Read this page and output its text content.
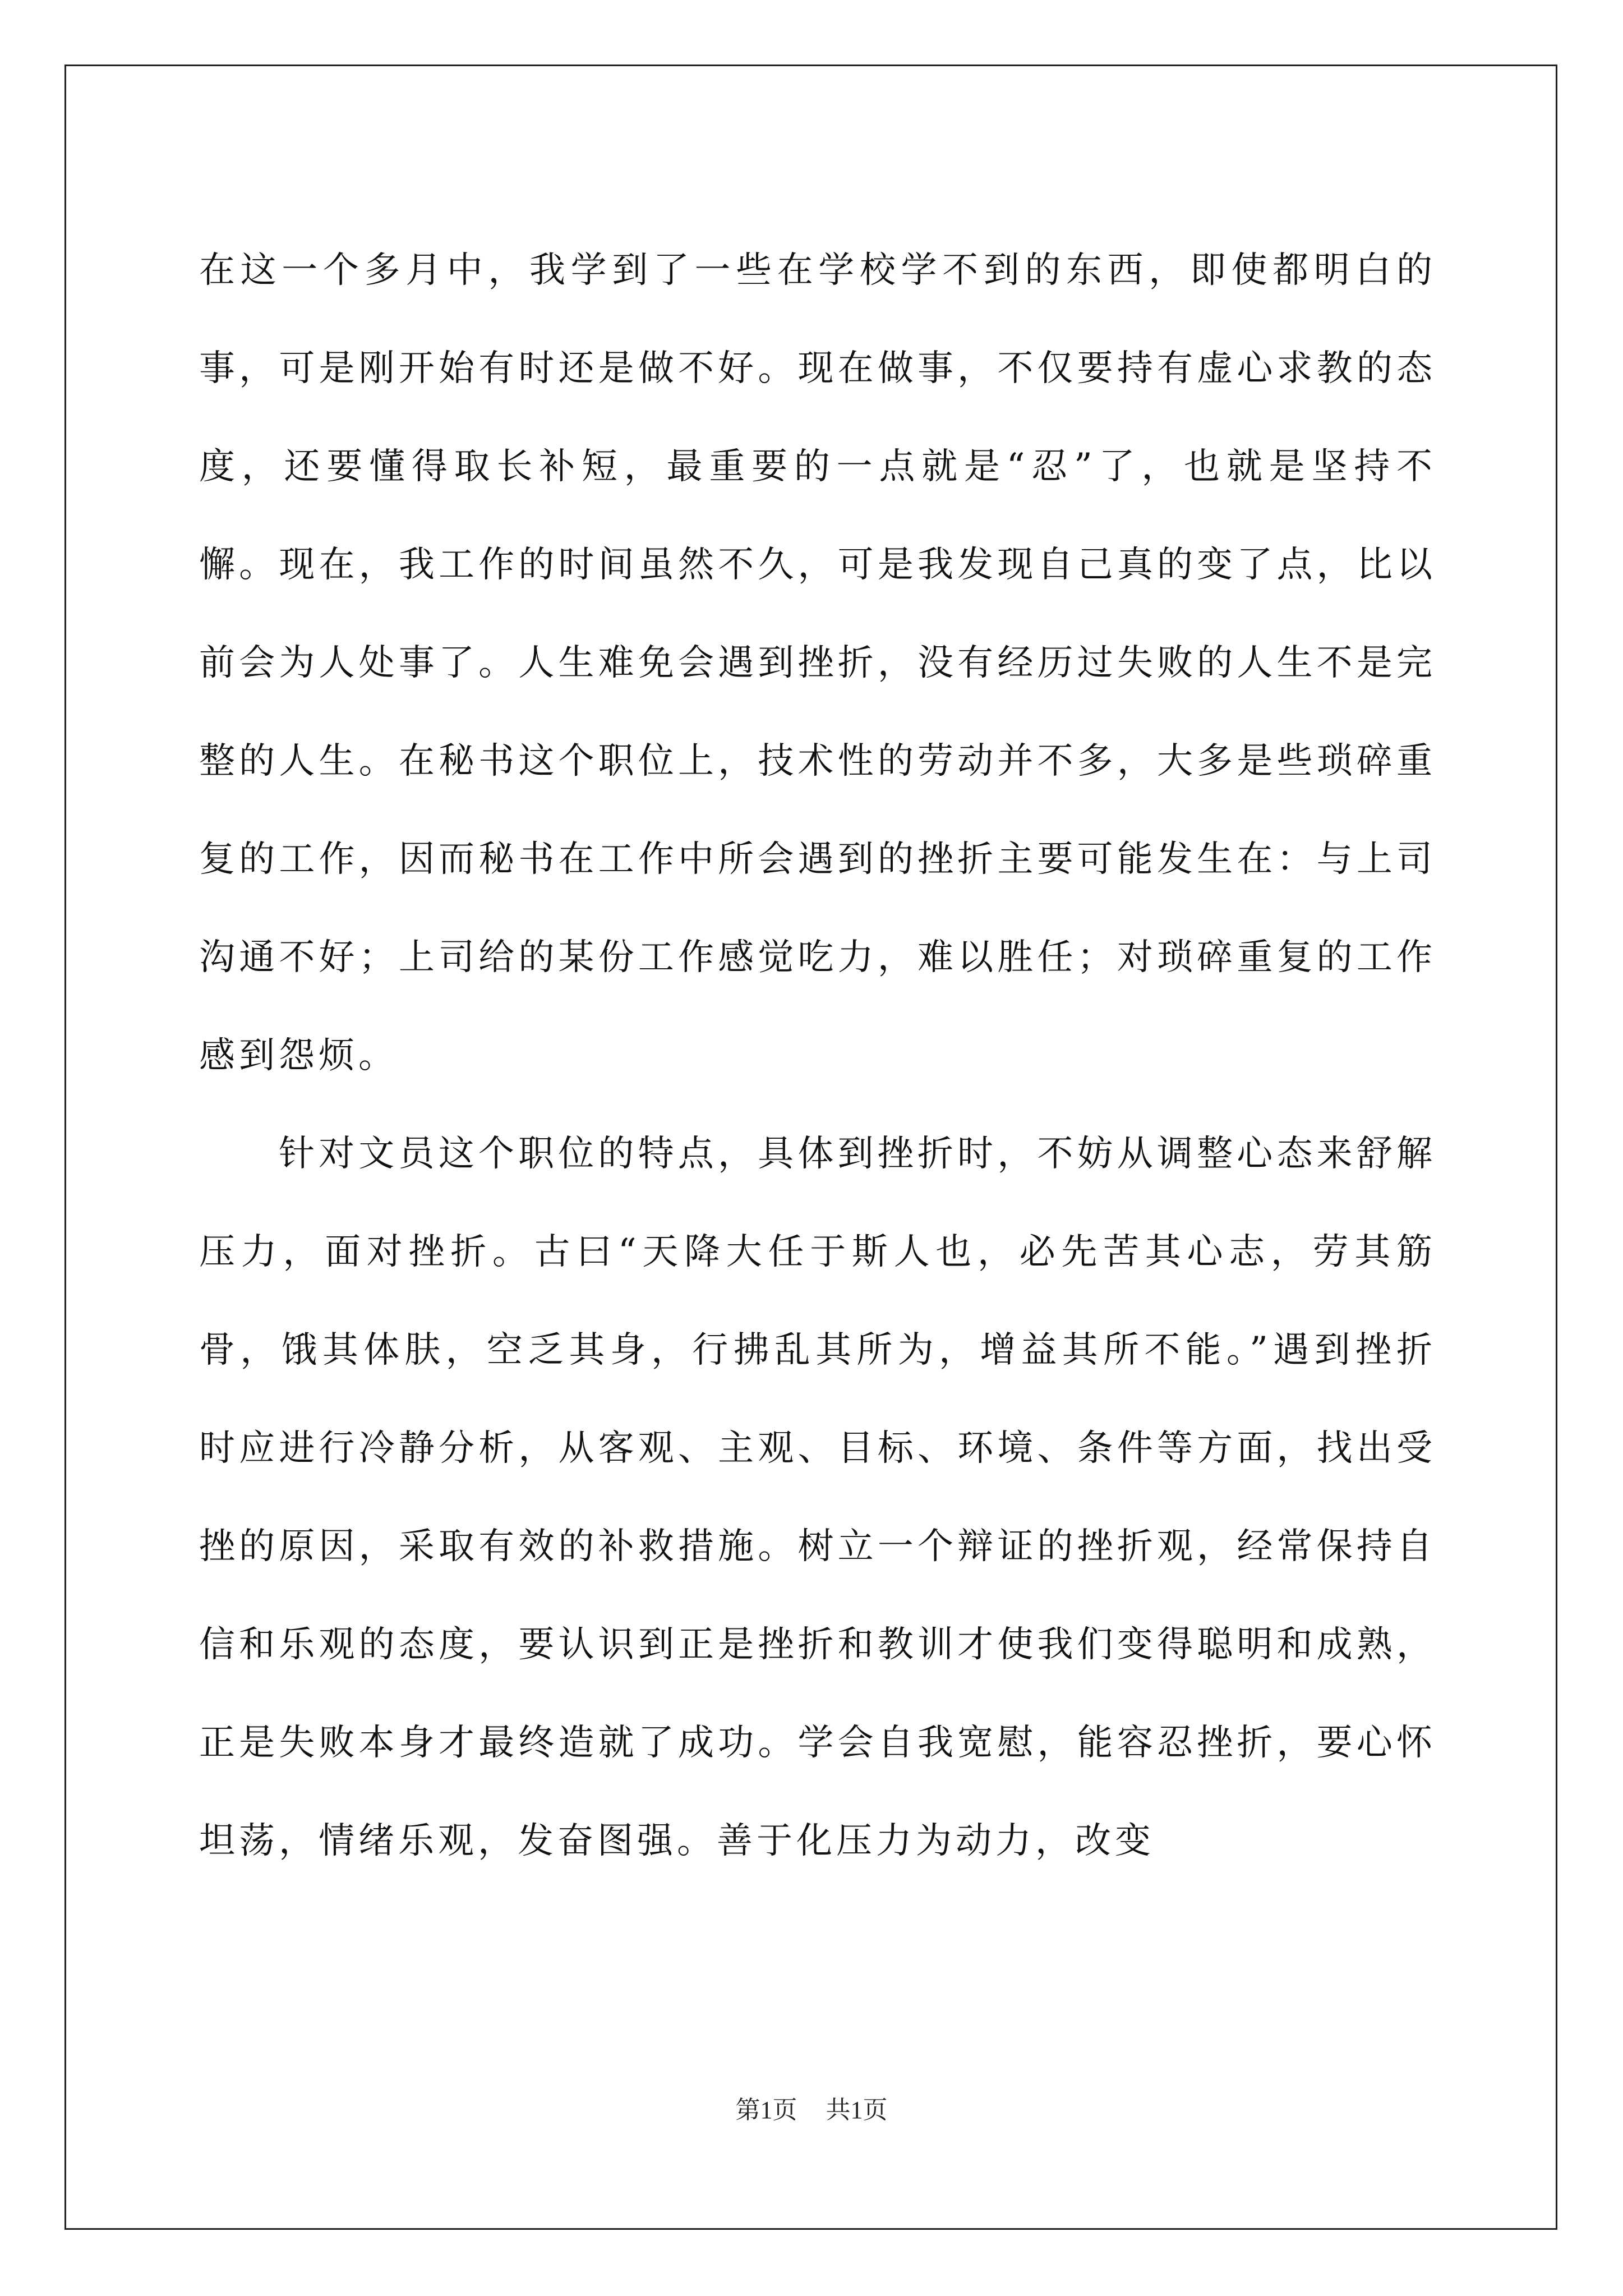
在这一个多月中，我学到了一些在学校学不到的东西，即使都明白的事，可是刚开始有时还是做不好。现在做事，不仅要持有虚心求教的态度，还要懂得取长补短，最重要的一点就是“忍”了，也就是坚持不懈。现在，我工作的时间虽然不久，可是我发现自己真的变了点，比以前会为人处事了。人生难免会遇到挫折，没有经历过失败的人生不是完整的人生。在秘书这个职位上，技术性的劳动并不多，大多是些琐碎重复的工作，因而秘书在工作中所会遇到的挫折主要可能发生在：与上司沟通不好；上司给的某份工作感觉吃力，难以胜任；对琐碎重复的工作感到怨烦。

针对文员这个职位的特点，具体到挫折时，不妨从调整心态来舒解压力，面对挫折。古曰“天降大任于斯人也，必先苦其心志，劳其筋骨，饿其体肤，空乏其身，行拂乱其所为，增益其所不能。”遇到挫折时应进行冷静分析，从客观、主观、目标、环境、条件等方面，找出受挫的原因，采取有效的补救措施。树立一个辩证的挫折观，经常保持自信和乐观的态度，要认识到正是挫折和教训才使我们变得聪明和成熟，正是失败本身才最终造就了成功。学会自我宽慰，能容忍挫折，要心怀坦荡，情绪乐观，发奋图强。善于化压力为动力，改变

第1页 共1页
